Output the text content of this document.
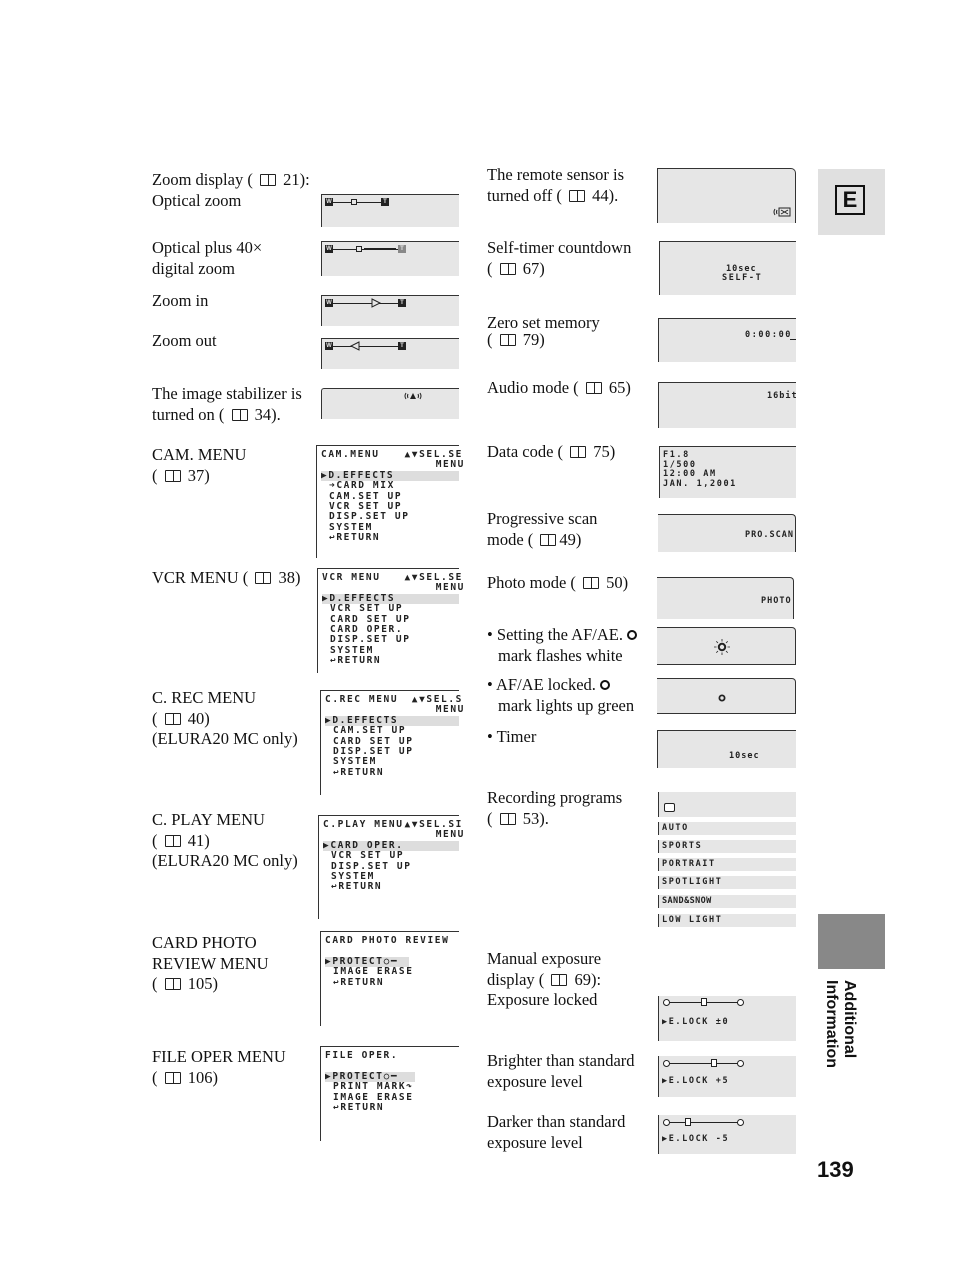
Zoom display (  21):
Optical zoom
Optical plus 40×
digital zoom
Zoom in
Zoom out
The image stabilizer is
turned on (  34).
CAM. MENU
(  37)
VCR MENU (  38)
C. REC MENU
(  40)
(ELURA20 MC only)
C. PLAY MENU
(  41)
(ELURA20 MC only)
CARD PHOTO
REVIEW MENU
(  105)
FILE OPER MENU
(  106)
W	T
W	T
W	T
W	T
CAM.MENU	▲▼SEL.SE
MENU
▶D.EFFECTS
➜CARD MIX
CAM.SET UP
VCR SET UP
DISP.SET UP
SYSTEM
↩RETURN
VCR MENU	▲▼SEL.SE
MENU
▶D.EFFECTS
VCR SET UP
CARD SET UP
CARD OPER.
DISP.SET UP
SYSTEM
↩RETURN
C.REC MENU ▲▼SEL.S
MENU
▶D.EFFECTS
CAM.SET UP
CARD SET UP
DISP.SET UP
SYSTEM
↩RETURN
C.PLAY MENU ▲▼SEL.SI
MENU
▶CARD OPER.
VCR SET UP
DISP.SET UP
SYSTEM
↩RETURN
CARD PHOTO REVIEW
▶PROTECT○━
IMAGE ERASE
↩RETURN
FILE OPER.
▶PROTECT○━
PRINT MARK↷
IMAGE ERASE
↩RETURN
The remote sensor is
turned off (  44).
Self-timer countdown
(  67)
Zero set memory
(  79)
Audio mode (  65)
Data code (  75)
Progressive scan
mode ( 49)
Photo mode (  50)
• Setting the AF/AE.
mark flashes white
• AF/AE locked.
mark lights up green
• Timer
Recording programs
(  53).
Manual exposure
display (  69):
Exposure locked
Brighter than standard
exposure level
Darker than standard
exposure level
10sec
SELF-T
0:00:00
16bit
F1.8
1/500
12:00 AM
JAN. 1,2001
PRO.SCAN
PHOTO
10sec
AUTO
SPORTS
PORTRAIT
SPOTLIGHT
SAND&SNOW
LOW LIGHT
▶E.LOCK ±0
▶E.LOCK +5
▶E.LOCK -5
E
Additional
Information
139
